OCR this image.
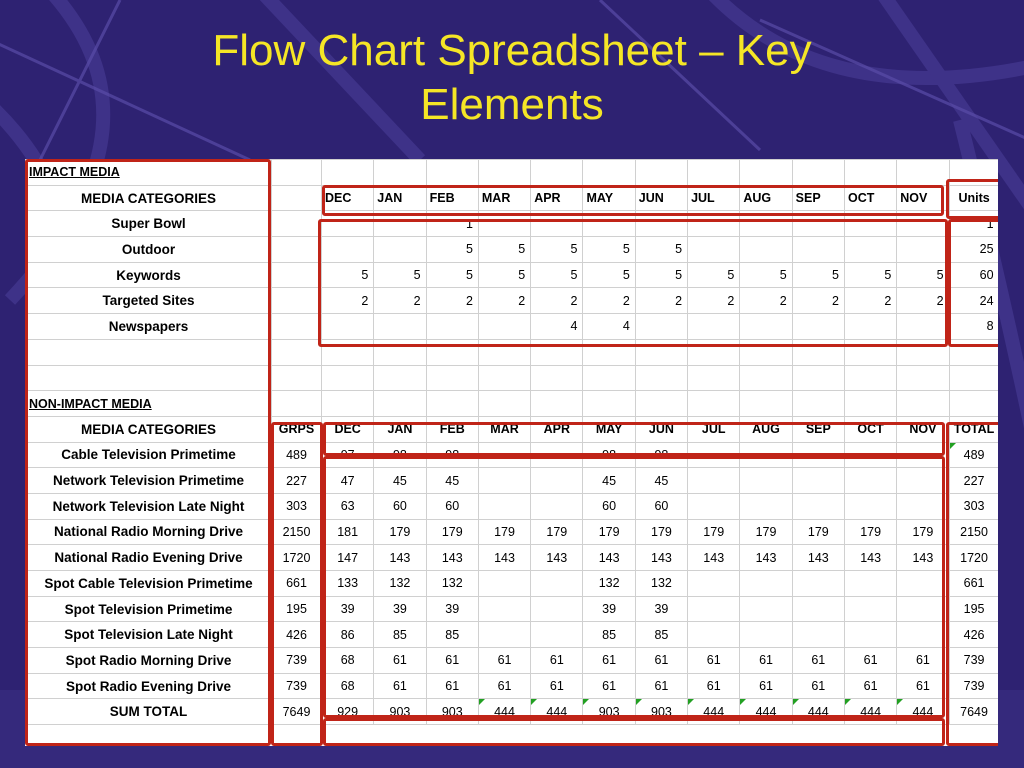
Flow Chart Spreadsheet – Key
Elements
IMPACT MEDIA														
MEDIA CATEGORIES		DEC	JAN	FEB	MAR	APR	MAY	JUN	JUL	AUG	SEP	OCT	NOV	Units
Super Bowl				1										1
Outdoor				5	5	5	5	5						25
Keywords		5	5	5	5	5	5	5	5	5	5	5	5	60
Targeted Sites		2	2	2	2	2	2	2	2	2	2	2	2	24
Newspapers						4	4							8

NON-IMPACT MEDIA														
MEDIA CATEGORIES	GRPS	DEC	JAN	FEB	MAR	APR	MAY	JUN	JUL	AUG	SEP	OCT	NOV	TOTAL
Cable Television Primetime	489	97	98	98			98	98						489
Network Television Primetime	227	47	45	45			45	45						227
Network Television Late Night	303	63	60	60			60	60						303
National Radio Morning Drive	2150	181	179	179	179	179	179	179	179	179	179	179	179	2150
National Radio Evening Drive	1720	147	143	143	143	143	143	143	143	143	143	143	143	1720
Spot Cable Television Primetime	661	133	132	132			132	132						661
Spot Television Primetime	195	39	39	39			39	39						195
Spot Television Late Night	426	86	85	85			85	85						426
Spot Radio Morning Drive	739	68	61	61	61	61	61	61	61	61	61	61	61	739
Spot Radio Evening Drive	739	68	61	61	61	61	61	61	61	61	61	61	61	739
SUM TOTAL	7649	929	903	903	444	444	903	903	444	444	444	444	444	7649
